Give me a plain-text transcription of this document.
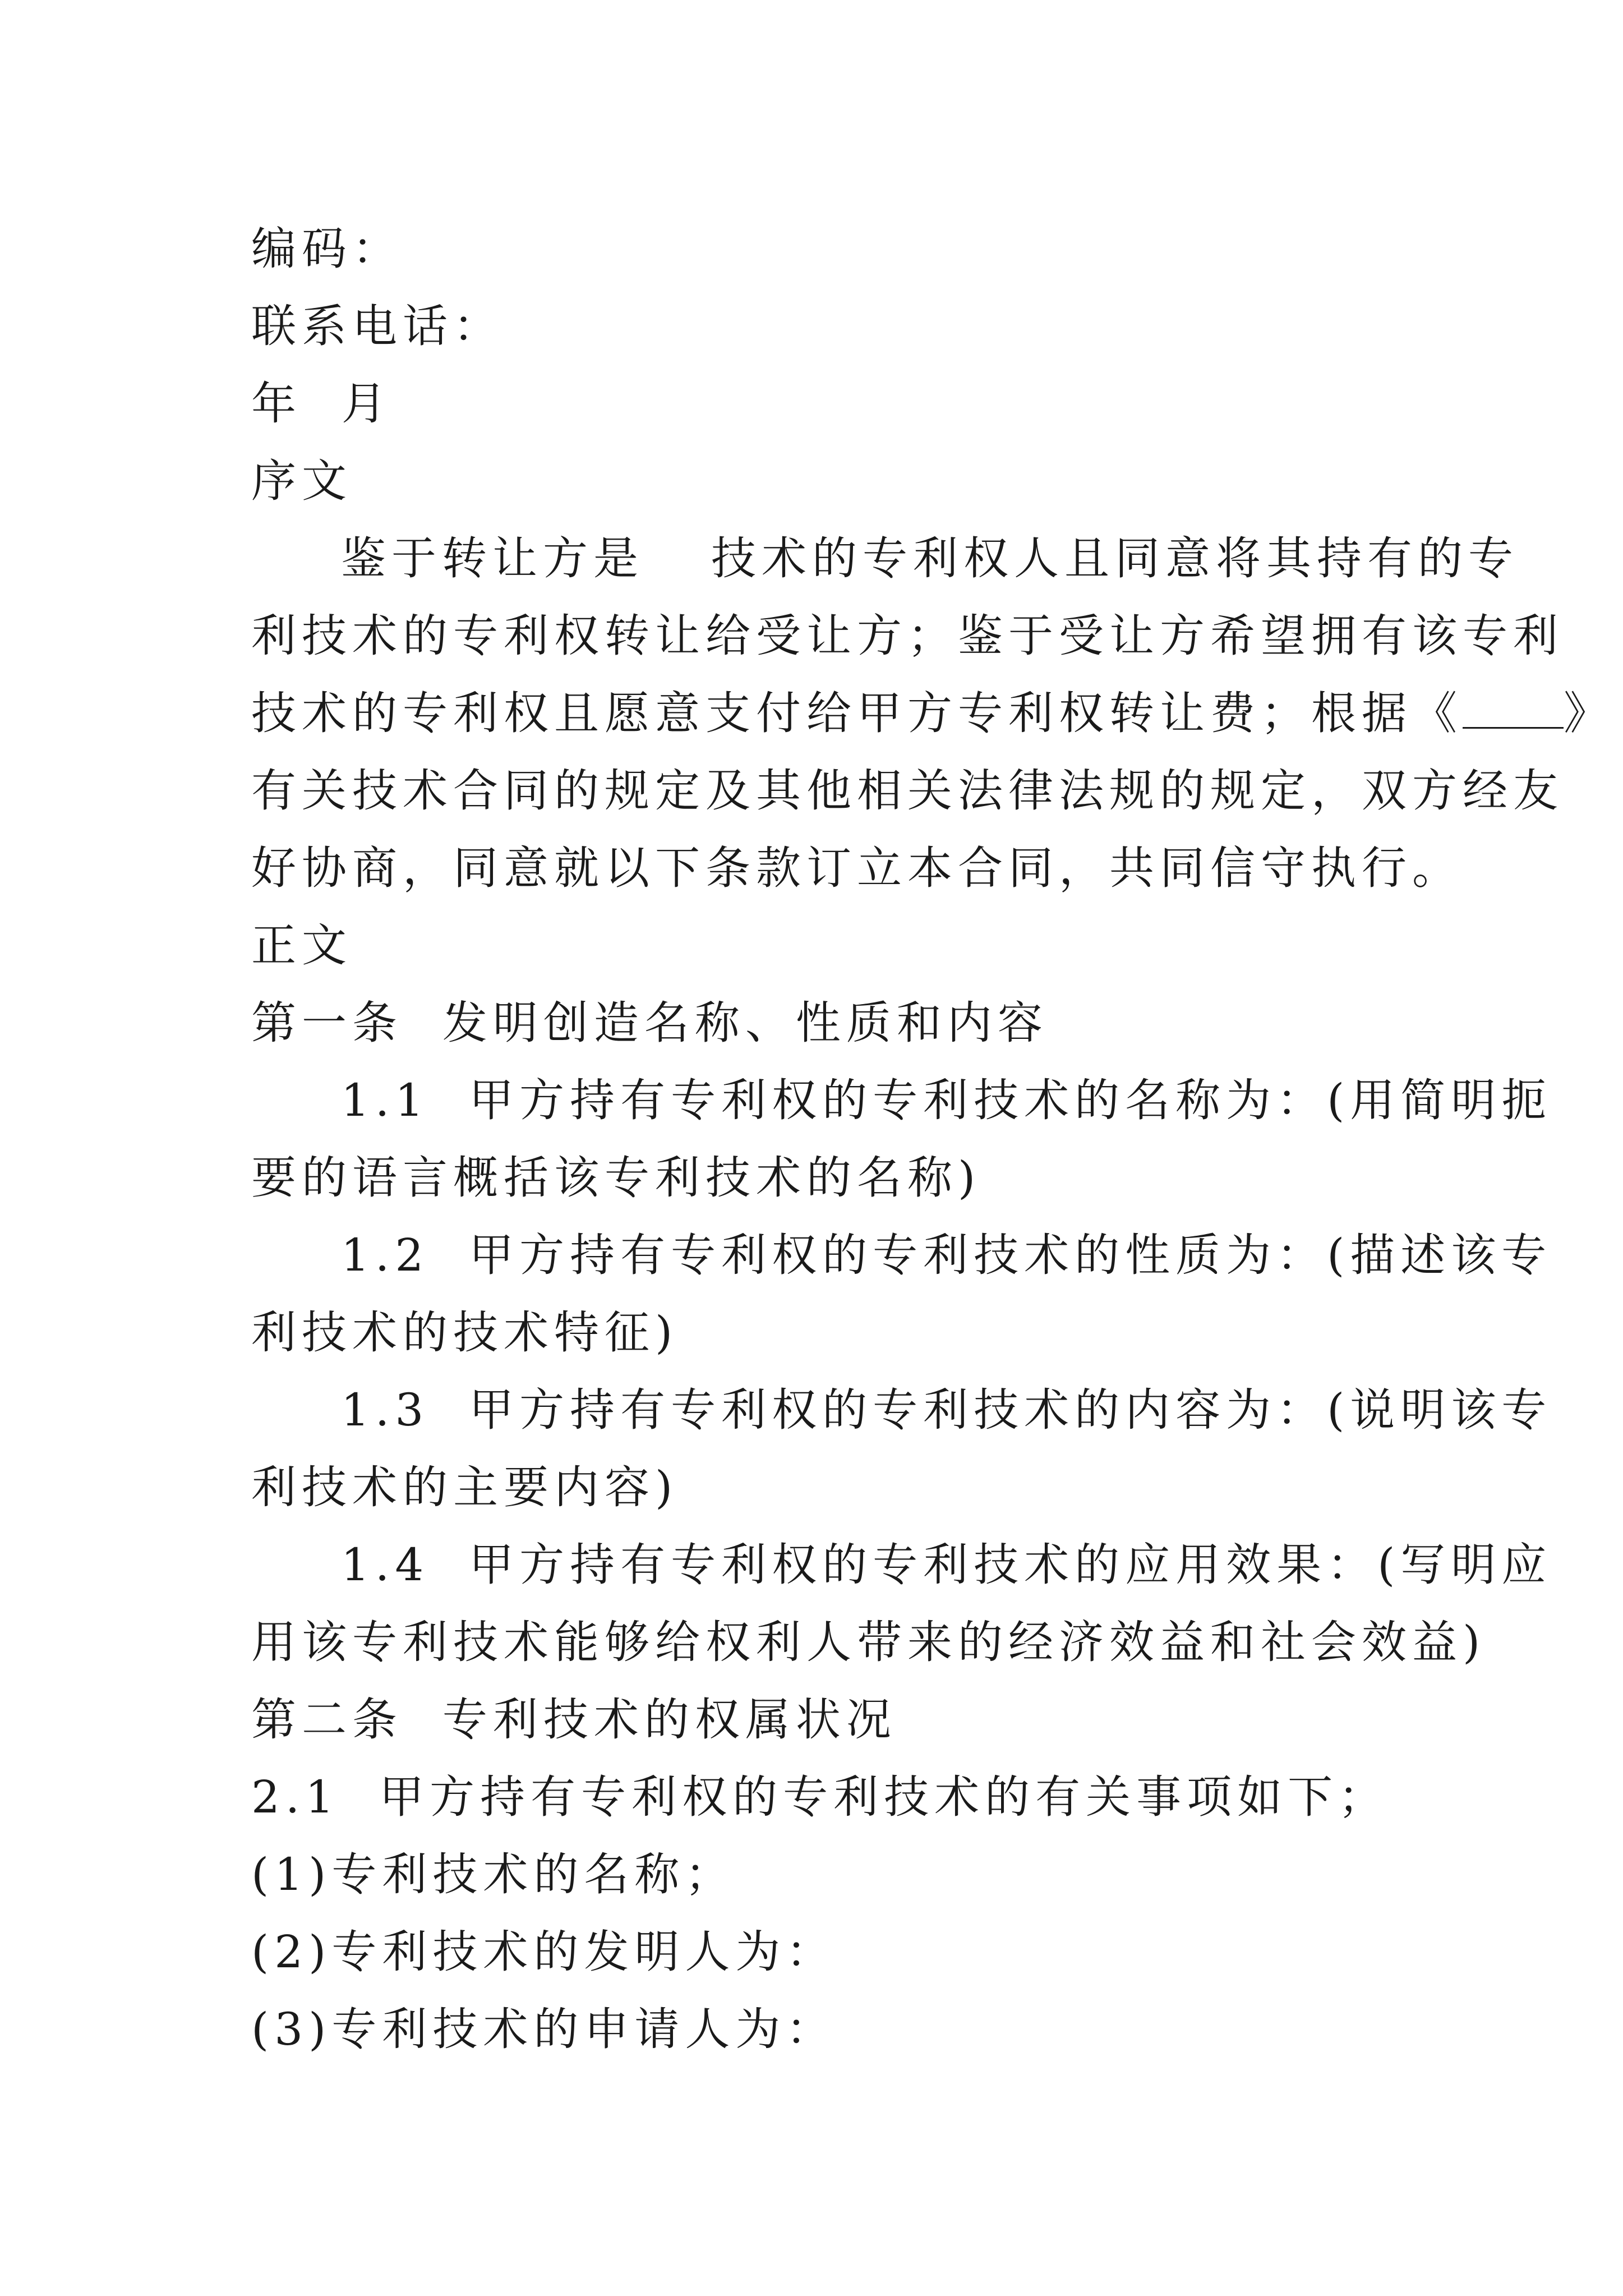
编码：

联系电话：

年  月

序文

鉴于转让方是 技术的专利权人且同意将其持有的专
利技术的专利权转让给受让方；鉴于受让方希望拥有该专利
技术的专利权且愿意支付给甲方专利权转让费；根据《 》
有关技术合同的规定及其他相关法律法规的规定，双方经友
好协商，同意就以下条款订立本合同，共同信守执行。

正文

第一条  发明创造名称、性质和内容

1.1  甲方持有专利权的专利技术的名称为：(用简明扼
要的语言概括该专利技术的名称)

1.2  甲方持有专利权的专利技术的性质为：(描述该专
利技术的技术特征)

1.3  甲方持有专利权的专利技术的内容为：(说明该专
利技术的主要内容)

1.4  甲方持有专利权的专利技术的应用效果：(写明应
用该专利技术能够给权利人带来的经济效益和社会效益)

第二条  专利技术的权属状况

2.1  甲方持有专利权的专利技术的有关事项如下；

(1)专利技术的名称；

(2)专利技术的发明人为：

(3)专利技术的申请人为：
